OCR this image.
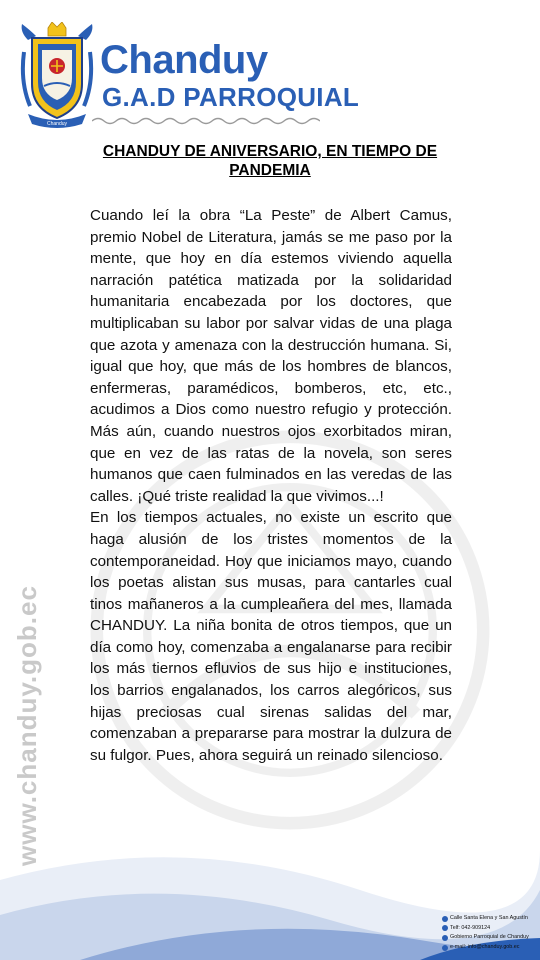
Chanduy
Chanduy
G.A.D PARROQUIAL
CHANDUY DE ANIVERSARIO, EN TIEMPO DE PANDEMIA

Cuando leí la obra “La Peste” de Albert Camus, premio Nobel de Literatura, jamás se me paso por la mente, que hoy en día estemos viviendo aquella narración patética matizada por la solidaridad humanitaria encabezada por los doctores, que multiplicaban su labor por salvar vidas de una plaga que azota y amenaza con la destrucción humana. Si, igual que hoy, que más de los hombres de blancos, enfermeras, paramédicos, bomberos, etc, etc., acudimos a Dios como nuestro refugio y protección. Más aún, cuando nuestros ojos exorbitados miran, que en vez de las ratas de la novela, son seres humanos que caen fulminados en las veredas de las calles. ¡Qué triste realidad la que vivimos...!

En los tiempos actuales, no existe un escrito que haga alusión de los tristes momentos de la contemporaneidad. Hoy que iniciamos mayo, cuando los poetas alistan sus musas, para cantarles cual tinos mañaneros a la cumpleañera del mes, llamada CHANDUY. La niña bonita de otros tiempos, que un día como hoy, comenzaba a engalanarse para recibir los más tiernos efluvios de sus hijo e instituciones, los barrios engalanados, los carros alegóricos, sus hijas preciosas cual sirenas salidas del mar, comenzaban a prepararse para mostrar la dulzura de su fulgor. Pues, ahora seguirá un reinado silencioso.

www.chanduy.gob.ec
Calle Santa Elena y San Agustín
Telf: 042-909124
Gobierno Parroquial de Chanduy
e-mail: info@chanduy.gob.ec
